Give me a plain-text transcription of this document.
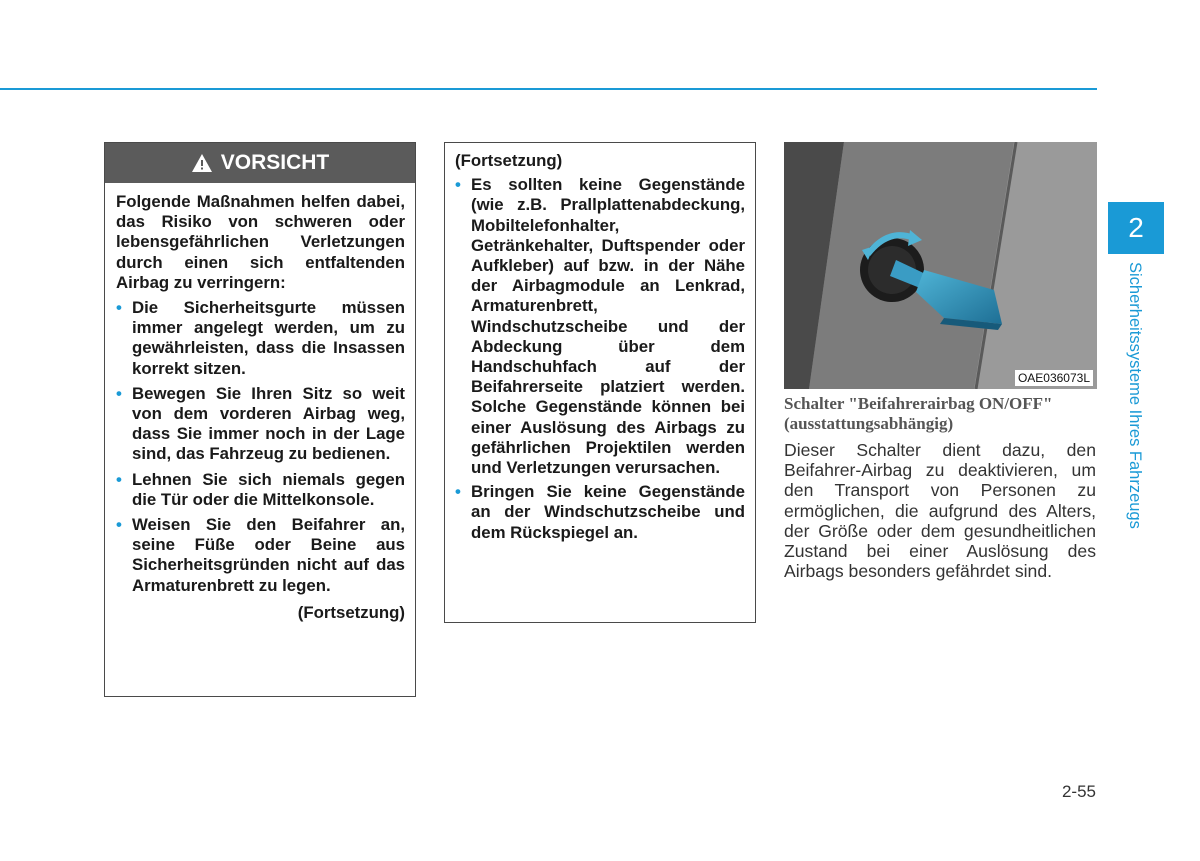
VORSICHT

Folgende Maßnahmen helfen dabei, das Risiko von schweren oder lebensgefährlichen Verletzungen durch einen sich entfaltenden Airbag zu verringern:

• Die Sicherheitsgurte müssen immer angelegt werden, um zu gewährleisten, dass die Insassen korrekt sitzen.
• Bewegen Sie Ihren Sitz so weit von dem vorderen Airbag weg, dass Sie immer noch in der Lage sind, das Fahrzeug zu bedienen.
• Lehnen Sie sich niemals gegen die Tür oder die Mittelkonsole.
• Weisen Sie den Beifahrer an, seine Füße oder Beine aus Sicherheitsgründen nicht auf das Armaturenbrett zu legen.
(Fortsetzung)
(Fortsetzung)
• Es sollten keine Gegenstände (wie z.B. Prallplattenabdeckung, Mobiltelefonhalter, Getränkehalter, Duftspender oder Aufkleber) auf bzw. in der Nähe der Airbagmodule an Lenkrad, Armaturenbrett, Windschutzscheibe und der Abdeckung über dem Handschuhfach auf der Beifahrerseite platziert werden. Solche Gegenstände können bei einer Auslösung des Airbags zu gefährlichen Projektilen werden und Verletzungen verursachen.
• Bringen Sie keine Gegenstände an der Windschutzscheibe und dem Rückspiegel an.
OAE036073L
Schalter "Beifahrerairbag ON/OFF" (ausstattungsabhängig)
Dieser Schalter dient dazu, den Beifahrer-Airbag zu deaktivieren, um den Transport von Personen zu ermöglichen, die aufgrund des Alters, der Größe oder dem gesundheitlichen Zustand bei einer Auslösung des Airbags besonders gefährdet sind.
2
Sicherheitssysteme Ihres Fahrzeugs
2-55
